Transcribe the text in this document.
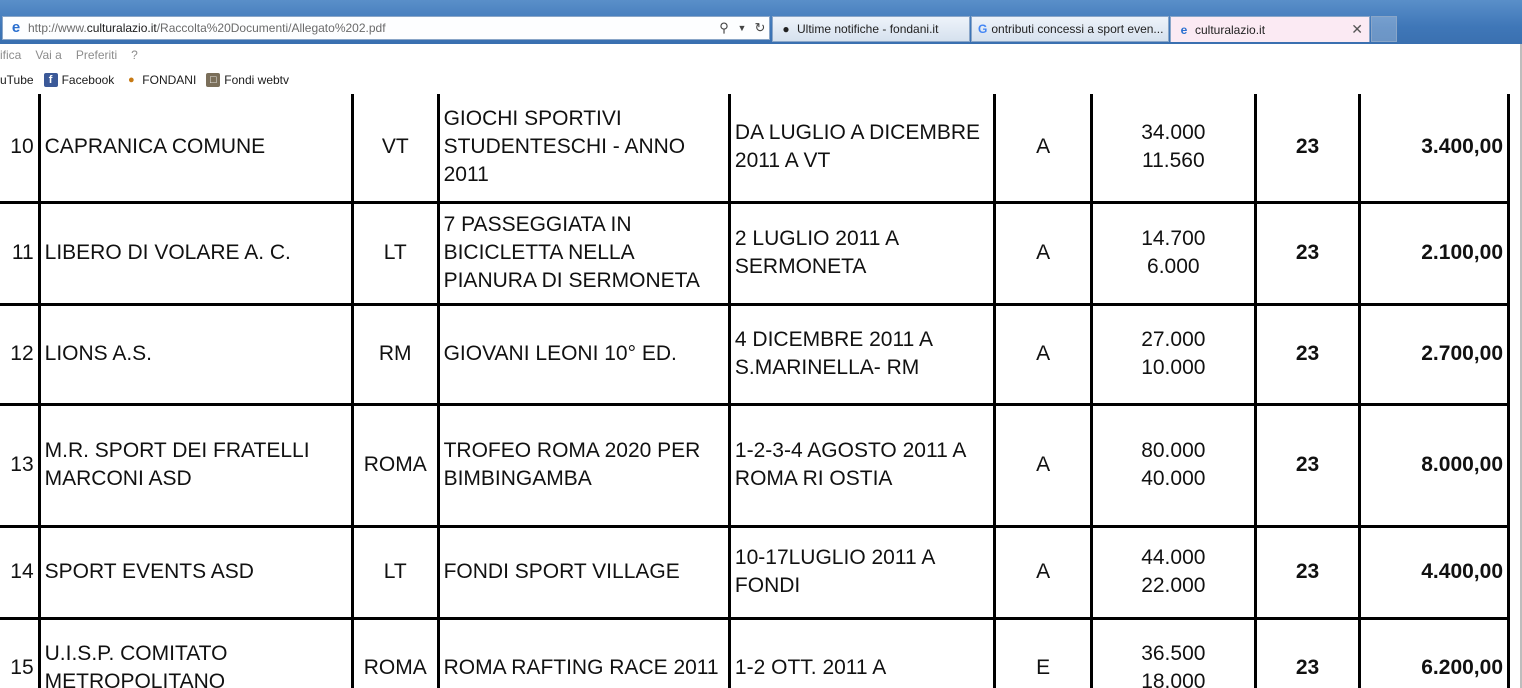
e http://www.culturalazio.it/Raccolta%20Documenti/Allegato%202.pdf	⚲ ▼ ↻ ● Ultime notifiche - fondani.it	G ontributi concessi a sport even...	e culturalazio.it	✕
ifica Vai a Preferiti ?
uTube	f Facebook	● FONDANI	□ Fondi webtv
10	CAPRANICA COMUNE	VT	GIOCHI SPORTIVI STUDENTESCHI - ANNO 2011	DA LUGLIO A DICEMBRE 2011 A VT	A	34.000
11.560	23	3.400,00
11	LIBERO DI VOLARE A. C.	LT	7 PASSEGGIATA IN BICICLETTA NELLA PIANURA DI SERMONETA	2 LUGLIO 2011 A SERMONETA	A	14.700
6.000	23	2.100,00
12	LIONS A.S.	RM	GIOVANI LEONI 10° ED.	4 DICEMBRE 2011 A S.MARINELLA- RM	A	27.000
10.000	23	2.700,00
13	M.R. SPORT DEI FRATELLI MARCONI ASD	ROMA	TROFEO ROMA 2020 PER BIMBINGAMBA	1-2-3-4 AGOSTO 2011 A ROMA RI OSTIA	A	80.000
40.000	23	8.000,00
14	SPORT EVENTS ASD	LT	FONDI SPORT VILLAGE	10-17LUGLIO 2011 A FONDI	A	44.000
22.000	23	4.400,00
15	U.I.S.P. COMITATO METROPOLITANO	ROMA	ROMA RAFTING RACE 2011	1-2 OTT. 2011 A	E	36.500
18.000	23	6.200,00
